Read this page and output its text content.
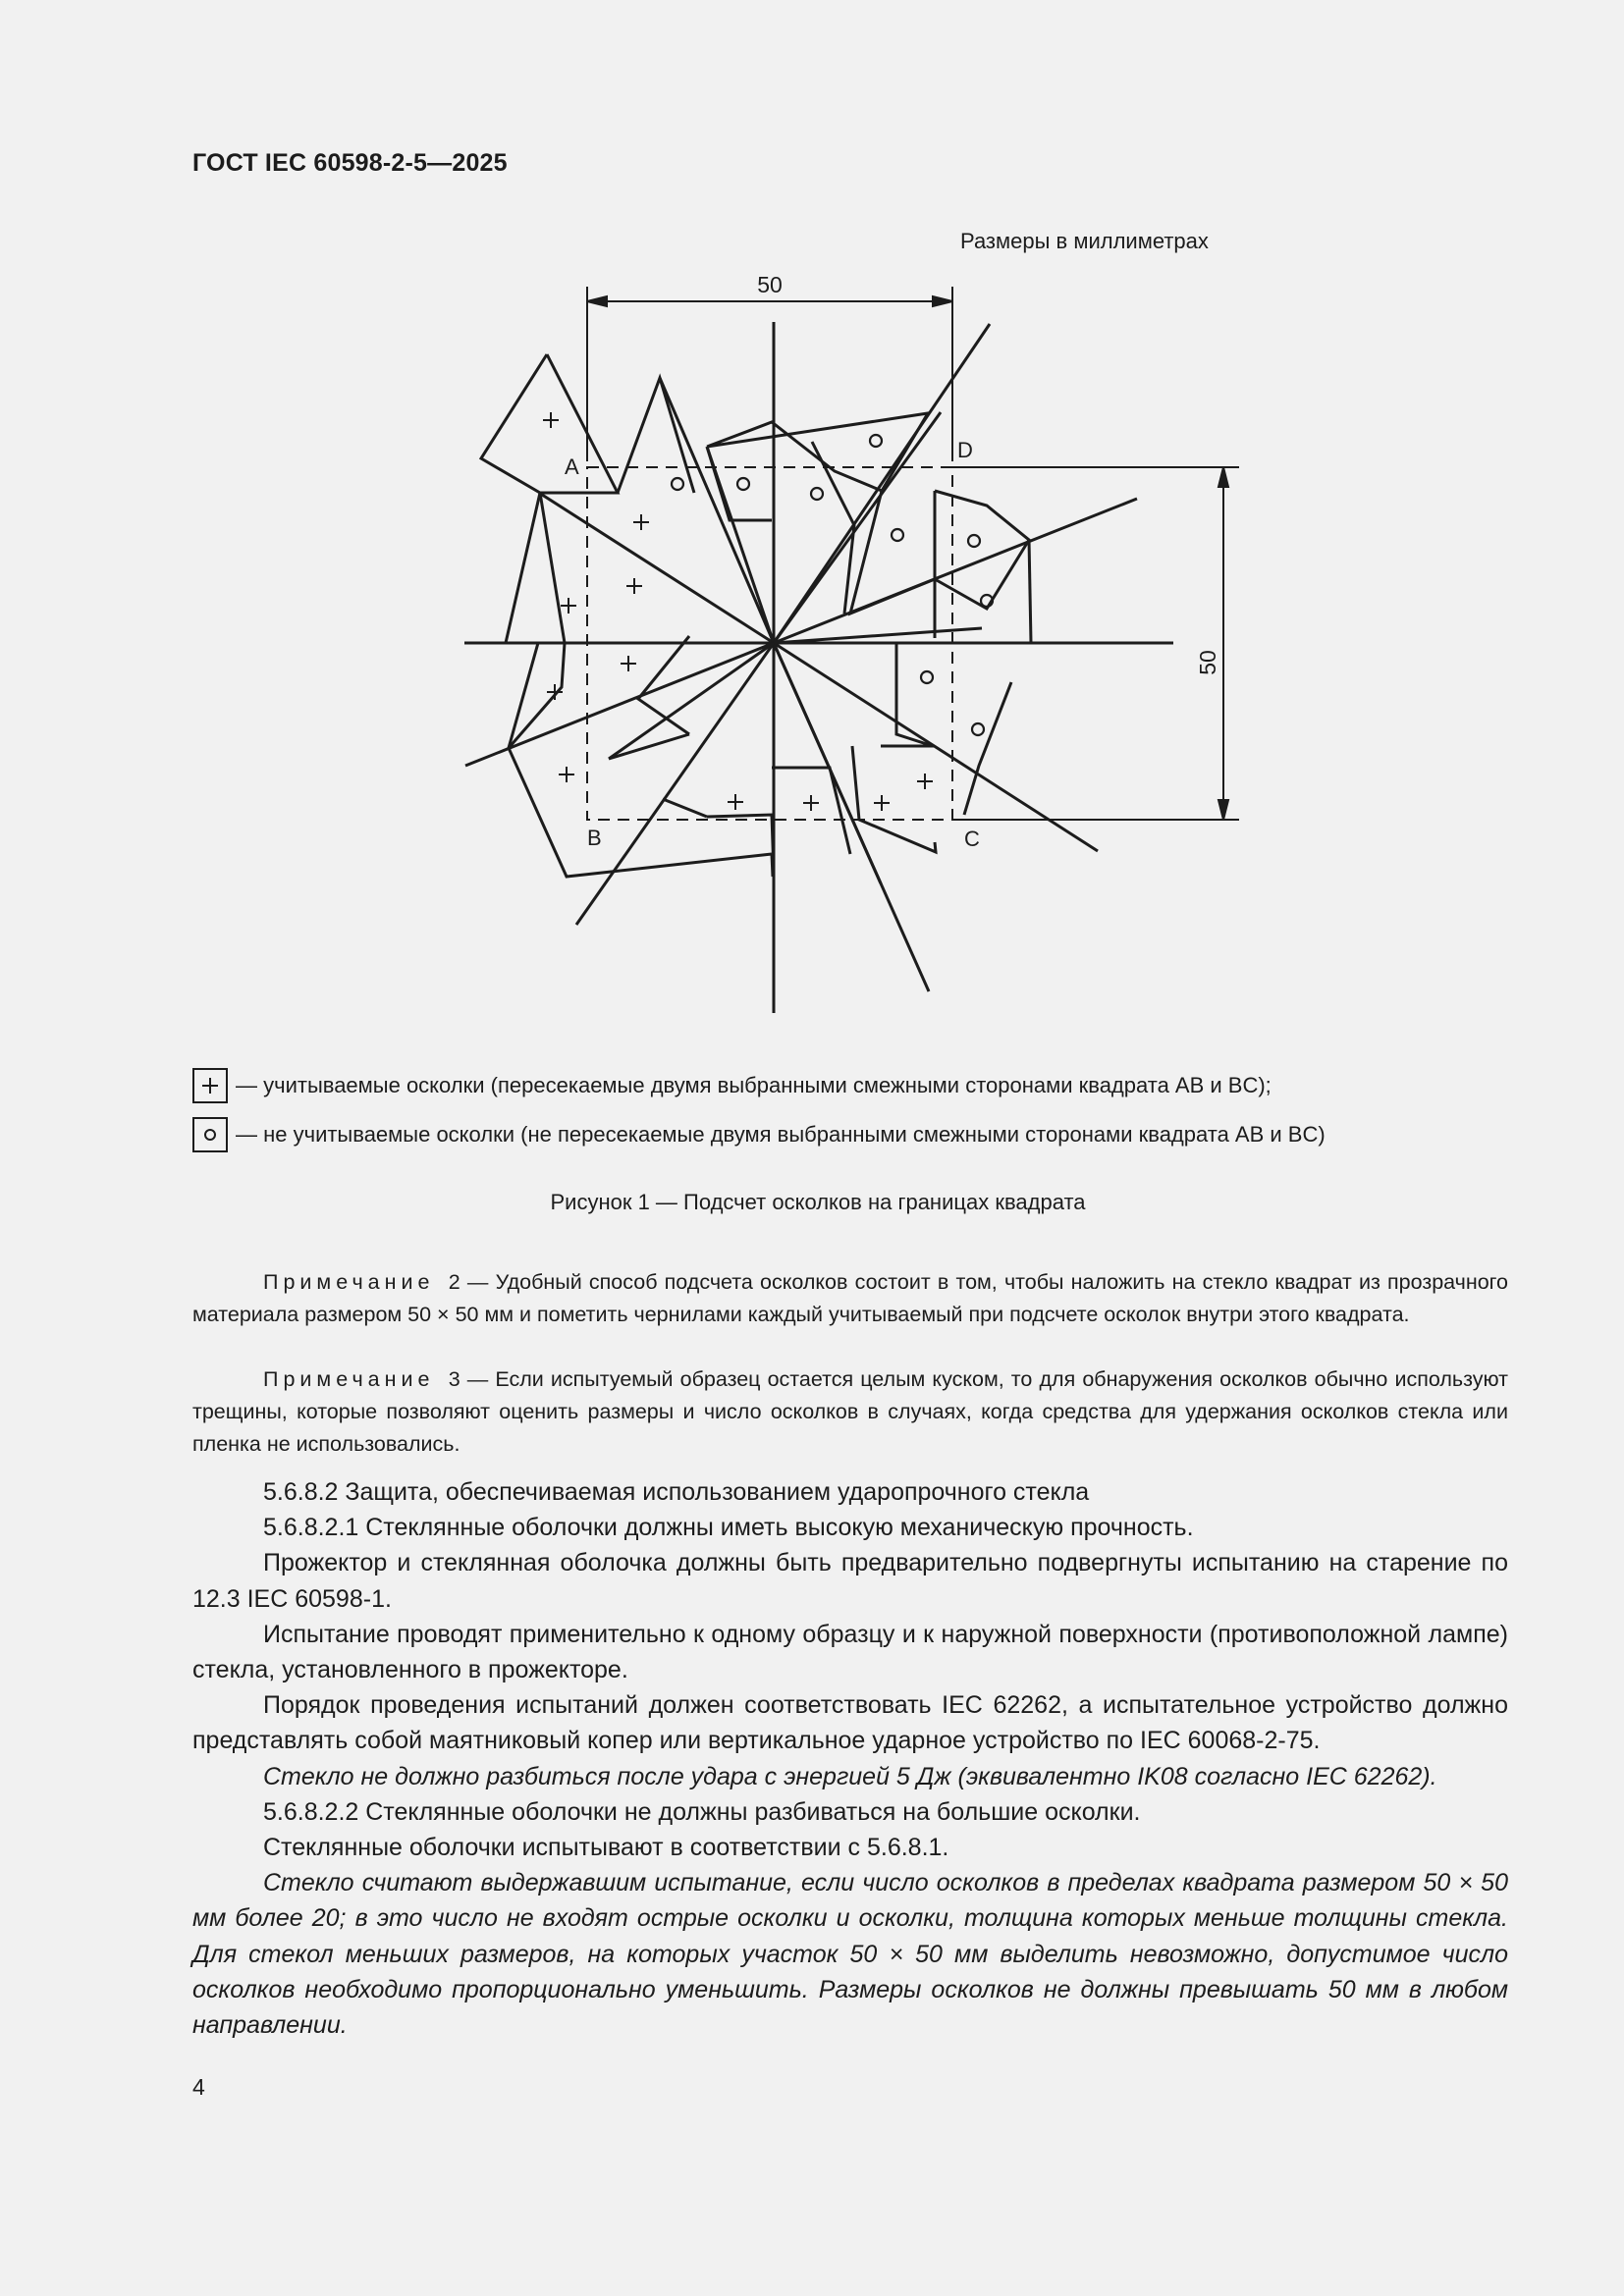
ГОСТ IEC 60598-2-5—2025
Размеры в миллиметрах
50
50
A
B	C
D
— учитываемые осколки (пересекаемые двумя выбранными смежными сторонами квадрата AB и BC);
— не учитываемые осколки (не пересекаемые двумя выбранными смежными сторонами квадрата AB и BC)
Рисунок 1 — Подсчет осколков на границах квадрата

Примечание 2 — Удобный способ подсчета осколков состоит в том, чтобы наложить на стекло квадрат из прозрачного материала размером 50 × 50 мм и пометить чернилами каждый учитываемый при подсчете осколок внутри этого квадрата.

Примечание 3 — Если испытуемый образец остается целым куском, то для обнаружения осколков обычно используют трещины, которые позволяют оценить размеры и число осколков в случаях, когда средства для удержания осколков стекла или пленка не использовались.

5.6.8.2 Защита, обеспечиваемая использованием ударопрочного стекла

5.6.8.2.1 Стеклянные оболочки должны иметь высокую механическую прочность.

Прожектор и стеклянная оболочка должны быть предварительно подвергнуты испытанию на старение по 12.3 IEC 60598-1.

Испытание проводят применительно к одному образцу и к наружной поверхности (противоположной лампе) стекла, установленного в прожекторе.

Порядок проведения испытаний должен соответствовать IEC 62262, а испытательное устройство должно представлять собой маятниковый копер или вертикальное ударное устройство по IEC 60068-2-75.

Стекло не должно разбиться после удара с энергией 5 Дж (эквивалентно IK08 согласно IEC 62262).

5.6.8.2.2 Стеклянные оболочки не должны разбиваться на большие осколки.

Стеклянные оболочки испытывают в соответствии с 5.6.8.1.

Стекло считают выдержавшим испытание, если число осколков в пределах квадрата размером 50 × 50 мм более 20; в это число не входят острые осколки и осколки, толщина которых меньше толщины стекла. Для стекол меньших размеров, на которых участок 50 × 50 мм выделить невозможно, допустимое число осколков необходимо пропорционально уменьшить. Размеры осколков не должны превышать 50 мм в любом направлении.

4
